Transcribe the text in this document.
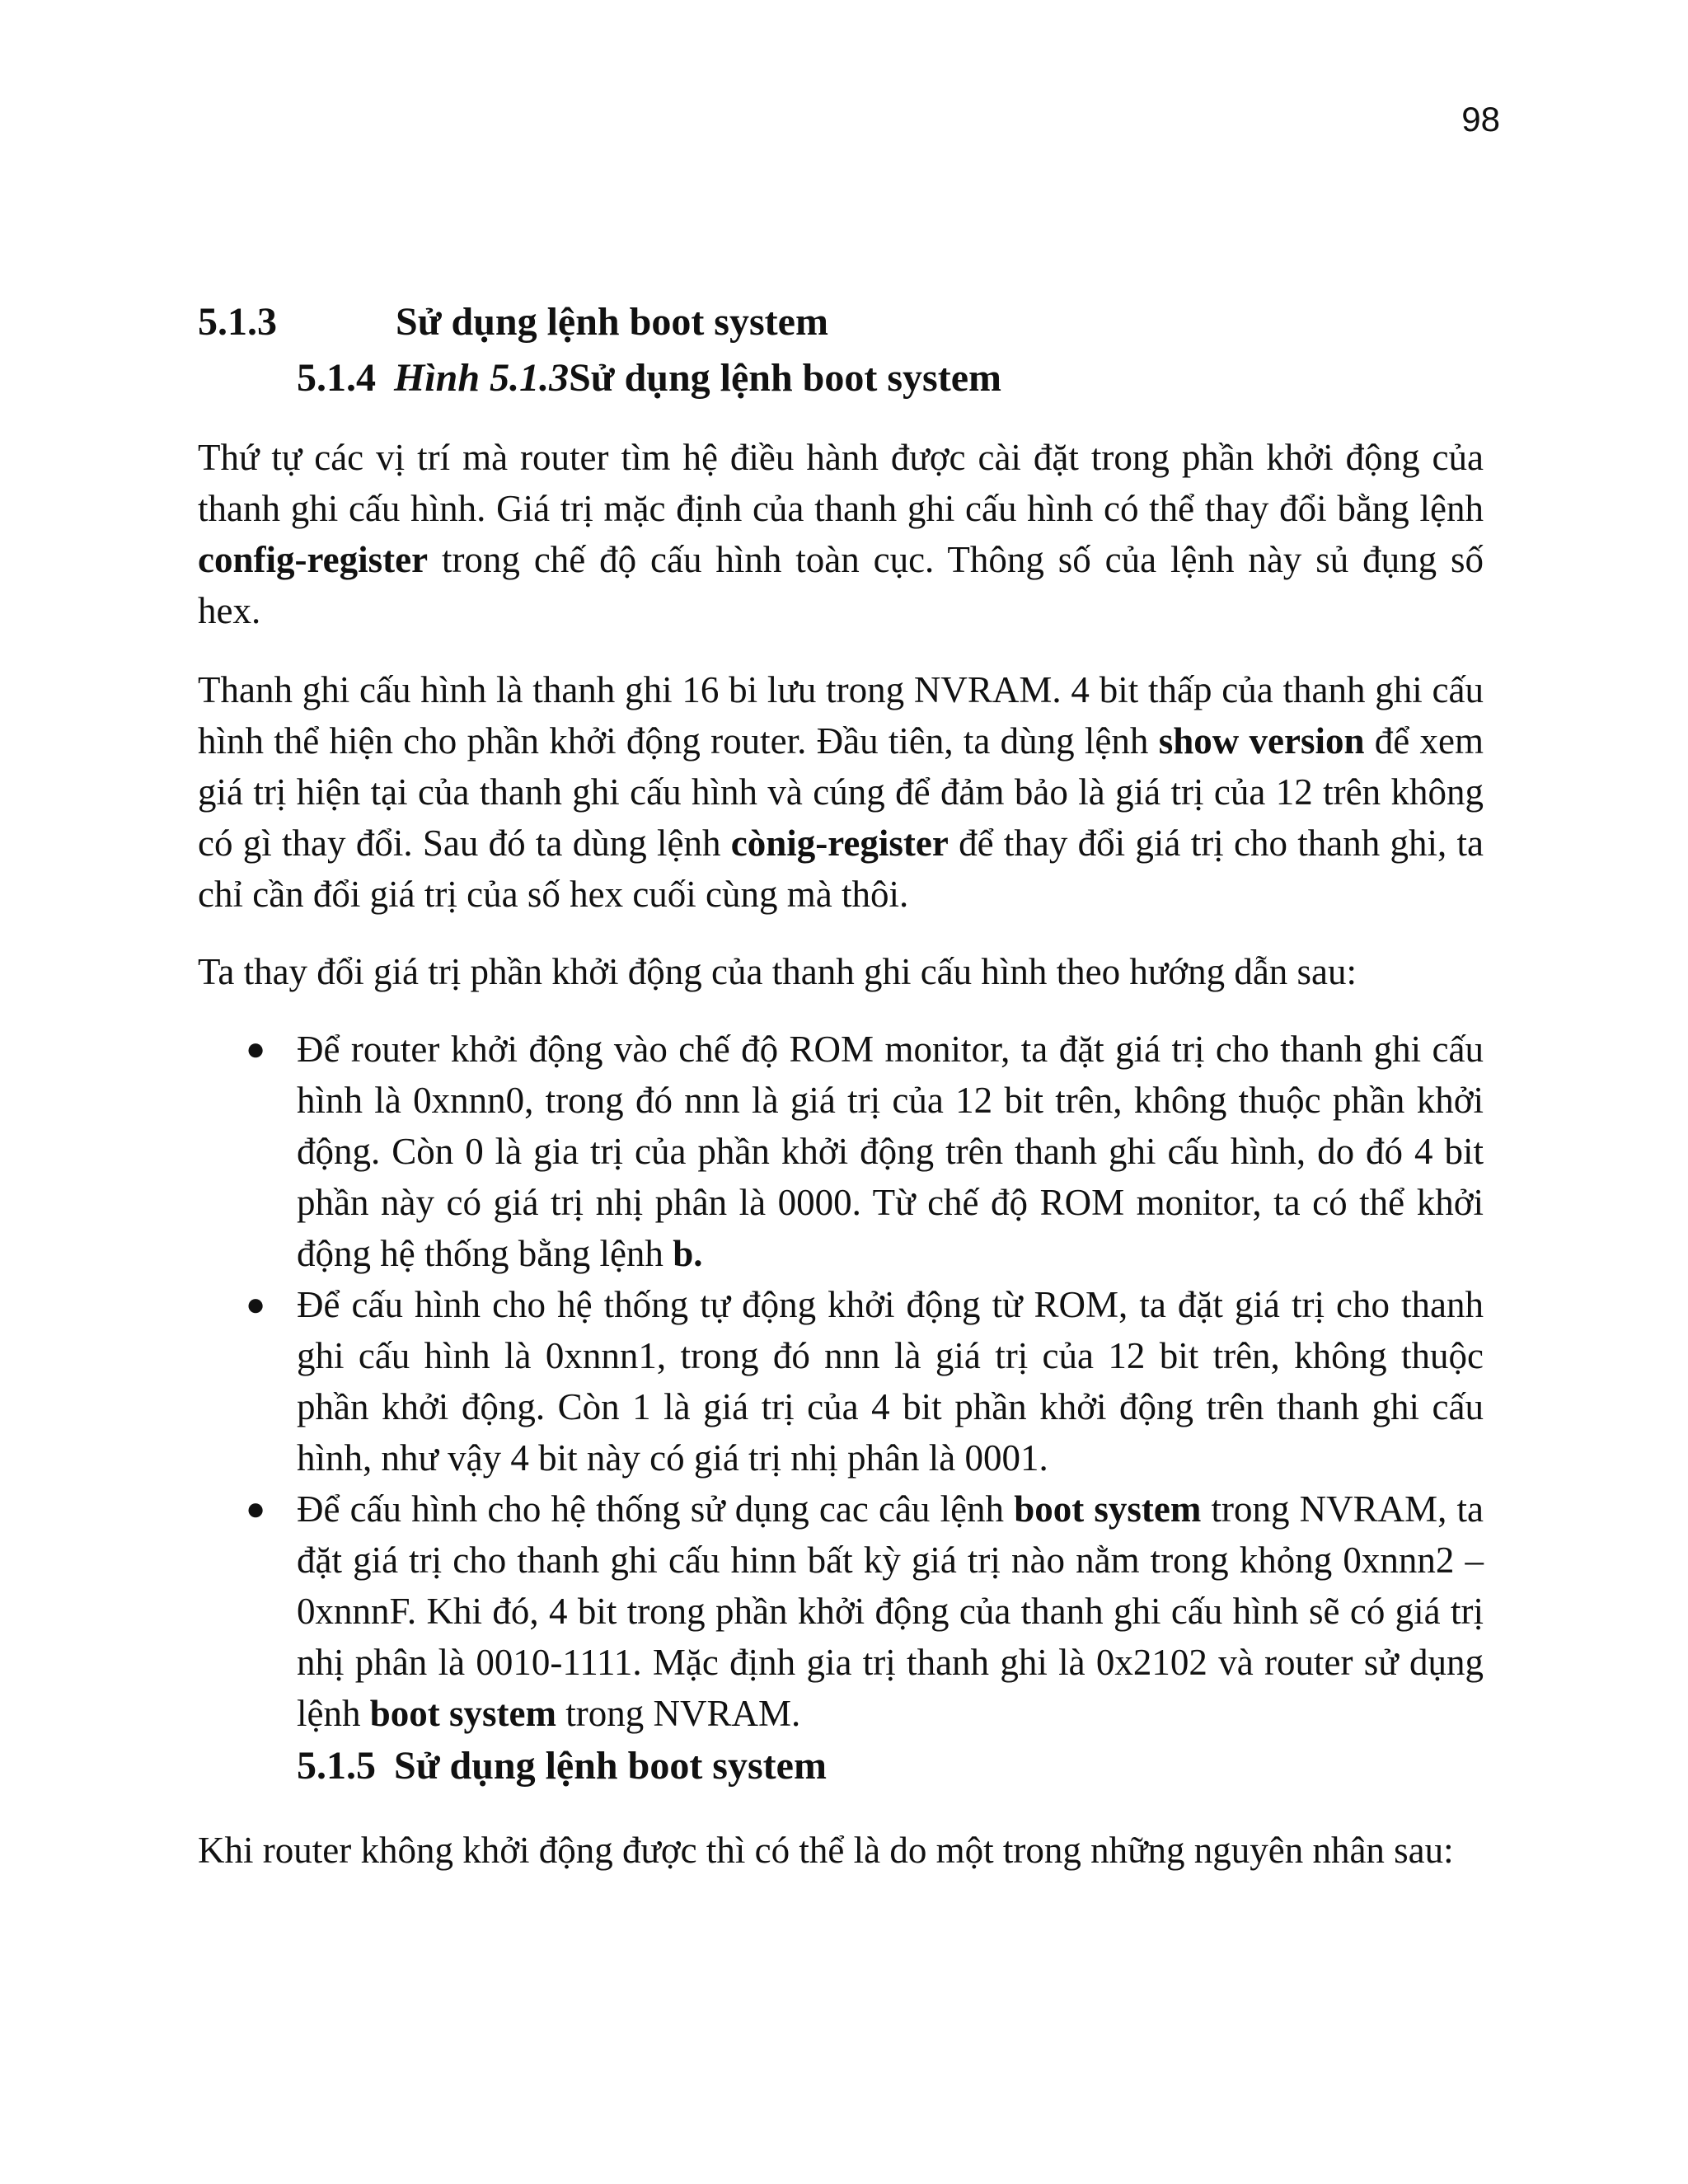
98
5.1.3	Sử dụng lệnh boot system
5.1.4 Hình 5.1.3Sử dụng lệnh boot system

Thứ tự các vị trí mà router tìm hệ điều hành được cài đặt trong phần khởi động của thanh ghi cấu hình. Giá trị mặc định của thanh ghi cấu hình có thể thay đổi bằng lệnh config-register trong chế độ cấu hình toàn cục. Thông số của lệnh này sủ đụng số hex.

Thanh ghi cấu hình là thanh ghi 16 bi lưu trong NVRAM. 4 bit thấp của thanh ghi cấu hình thể hiện cho phần khởi động router. Đầu tiên, ta dùng lệnh show version để xem giá trị hiện tại của thanh ghi cấu hình và cúng để đảm bảo là giá trị của 12 trên không có gì thay đổi. Sau đó ta dùng lệnh cònig-register để thay đổi giá trị cho thanh ghi, ta chỉ cần đổi giá trị của số hex cuối cùng mà thôi.

Ta thay đổi giá trị phần khởi động của thanh ghi cấu hình theo hướng dẫn sau:

● Để router khởi động vào chế độ ROM monitor, ta đặt giá trị cho thanh ghi cấu hình là 0xnnn0, trong đó nnn là giá trị của 12 bit trên, không thuộc phần khởi động. Còn 0 là gia trị của phần khởi động trên thanh ghi cấu hình, do đó 4 bit phần này có giá trị nhị phân là 0000. Từ chế độ ROM monitor, ta có thể khởi động hệ thống bằng lệnh b.
● Để cấu hình cho hệ thống tự động khởi động từ ROM, ta đặt giá trị cho thanh ghi cấu hình là 0xnnn1, trong đó nnn là giá trị của 12 bit trên, không thuộc phần khởi động. Còn 1 là giá trị của 4 bit phần khởi động trên thanh ghi cấu hình, như vậy 4 bit này có giá trị nhị phân là 0001.
● Để cấu hình cho hệ thống sử dụng cac câu lệnh boot system trong NVRAM, ta đặt giá trị cho thanh ghi cấu hinn bất kỳ giá trị nào nằm trong khỏng 0xnnn2 – 0xnnnF. Khi đó, 4 bit trong phần khởi động của thanh ghi cấu hình sẽ có giá trị nhị phân là 0010-1111. Mặc định gia trị thanh ghi là 0x2102 và router sử dụng lệnh boot system trong NVRAM.
5.1.5 Sử dụng lệnh boot system

Khi router không khởi động được thì có thể là do một trong những nguyên nhân sau:
